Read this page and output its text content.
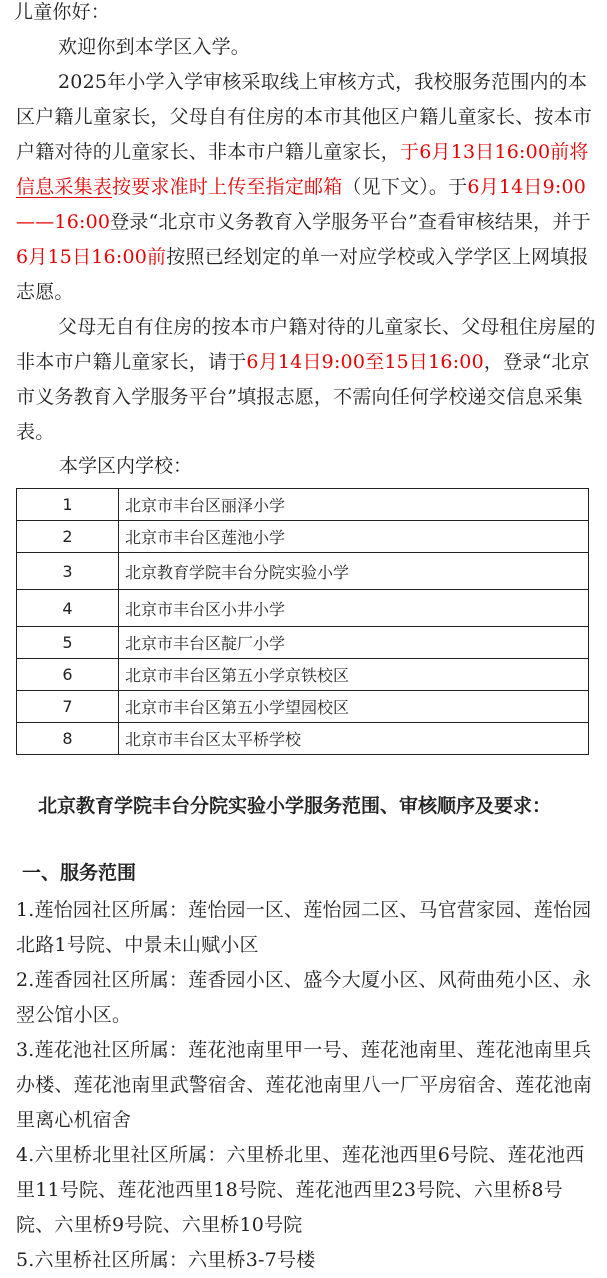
儿童你好：

欢迎你到本学区入学。

2025年小学入学审核采取线上审核方式，我校服务范围内的本区户籍儿童家长，父母自有住房的本市其他区户籍儿童家长、按本市户籍对待的儿童家长、非本市户籍儿童家长，于6月13日16:00前将信息采集表按要求准时上传至指定邮箱（见下文）。于6月14日9:00——16:00登录“北京市义务教育入学服务平台”查看审核结果，并于6月15日16:00前按照已经划定的单一对应学校或入学学区上网填报志愿。

父母无自有住房的按本市户籍对待的儿童家长、父母租住房屋的非本市户籍儿童家长，请于6月14日9:00至15日16:00，登录“北京市义务教育入学服务平台”填报志愿，不需向任何学校递交信息采集表。

本学区内学校：
1	北京市丰台区丽泽小学
2	北京市丰台区莲池小学
3	北京教育学院丰台分院实验小学
4	北京市丰台区小井小学
5	北京市丰台区靛厂小学
6	北京市丰台区第五小学京铁校区
7	北京市丰台区第五小学望园校区
8	北京市丰台区太平桥学校
北京教育学院丰台分院实验小学服务范围、审核顺序及要求：
一、服务范围

1.莲怡园社区所属：莲怡园一区、莲怡园二区、马官营家园、莲怡园北路1号院、中景未山赋小区

2.莲香园社区所属：莲香园小区、盛今大厦小区、风荷曲苑小区、永翌公馆小区。

3.莲花池社区所属：莲花池南里甲一号、莲花池南里、莲花池南里兵办楼、莲花池南里武警宿舍、莲花池南里八一厂平房宿舍、莲花池南里离心机宿舍

4.六里桥北里社区所属：六里桥北里、莲花池西里6号院、莲花池西里11号院、莲花池西里18号院、莲花池西里23号院、六里桥8号院、六里桥9号院、六里桥10号院

5.六里桥社区所属：六里桥3-7号楼
